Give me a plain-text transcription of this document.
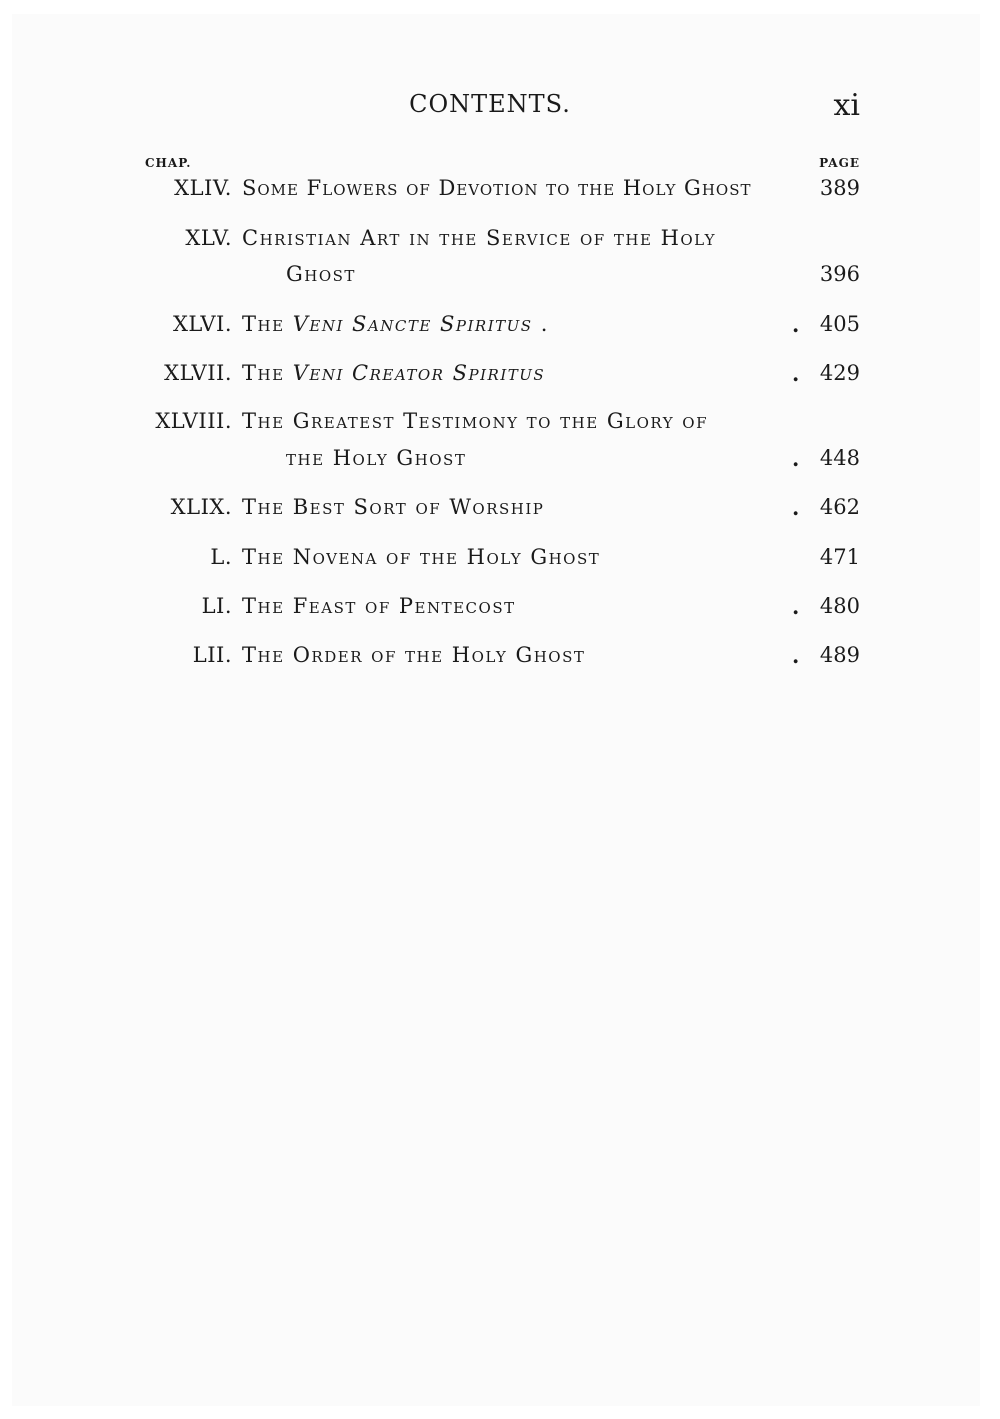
CONTENTS.	xi
CHAP.	PAGE
XLIV. Some Flowers of Devotion to the Holy Ghost	389
XLV. Christian Art in the Service of the Holy
Ghost	396
XLVI. The Veni Sancte Spiritus .	. 405
XLVII. The Veni Creator Spiritus	. 429
XLVIII. The Greatest Testimony to the Glory of
the Holy Ghost	. 448
XLIX. The Best Sort of Worship	. 462
L. The Novena of the Holy Ghost	471
LI. The Feast of Pentecost	. 480
LII. The Order of the Holy Ghost	. 489
